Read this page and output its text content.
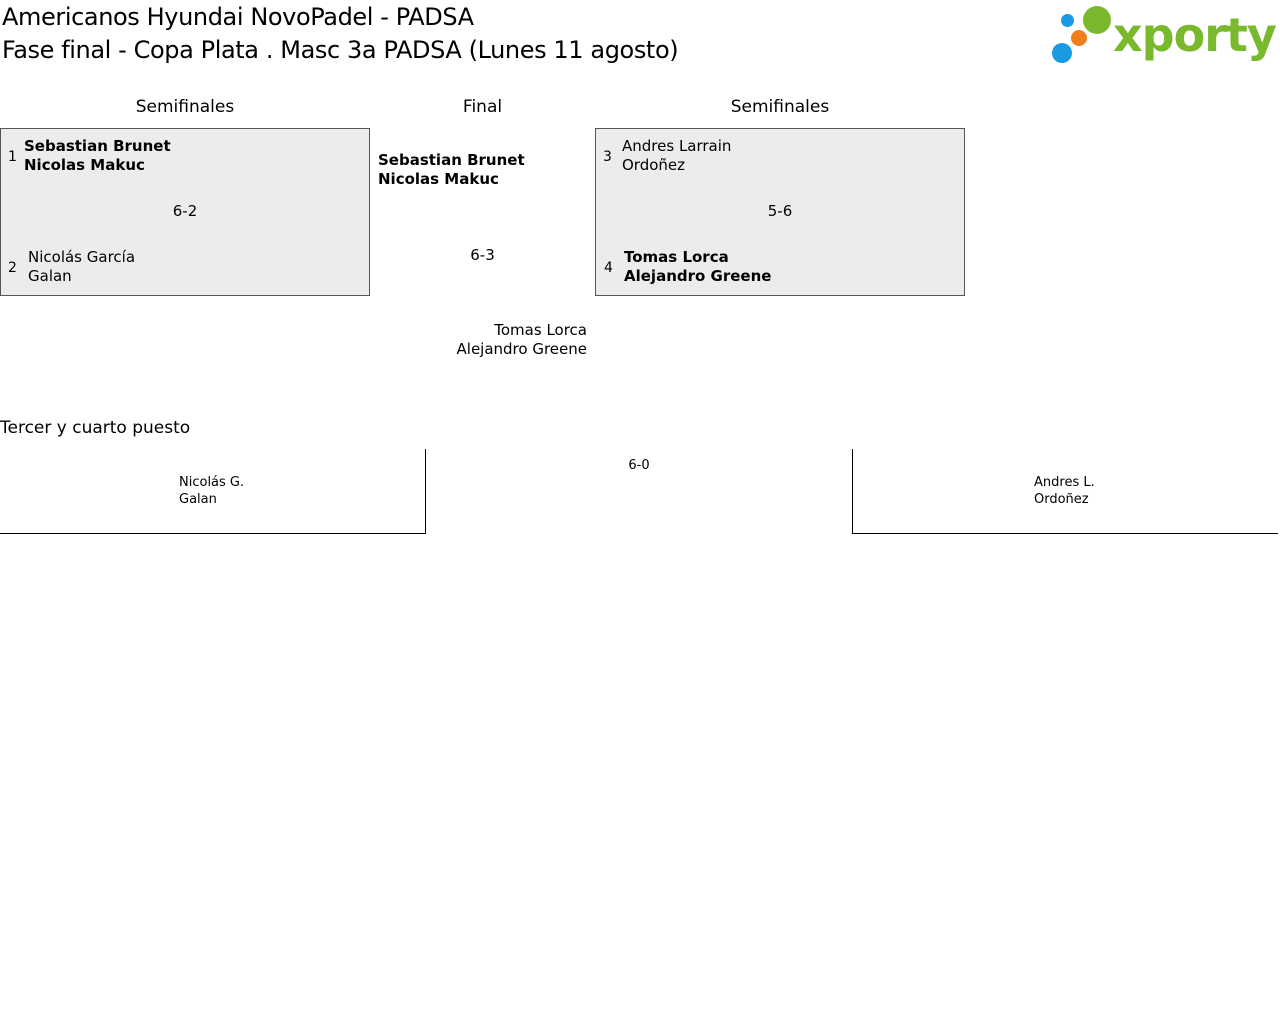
Americanos Hyundai NovoPadel - PADSA
Fase final - Copa Plata . Masc 3a PADSA (Lunes 11 agosto)	xporty
Semifinales	Final	Semifinales
1
Sebastian Brunet
Nicolas Makuc
6-2
2
Nicolás García
Galan
Sebastian Brunet
Nicolas Makuc
6-3
Tomas Lorca
Alejandro Greene
3
Andres Larrain
Ordoñez
5-6
4
Tomas Lorca
Alejandro Greene
Tercer y cuarto puesto
Nicolás G.
Galan
6-0
Andres L.
Ordoñez
